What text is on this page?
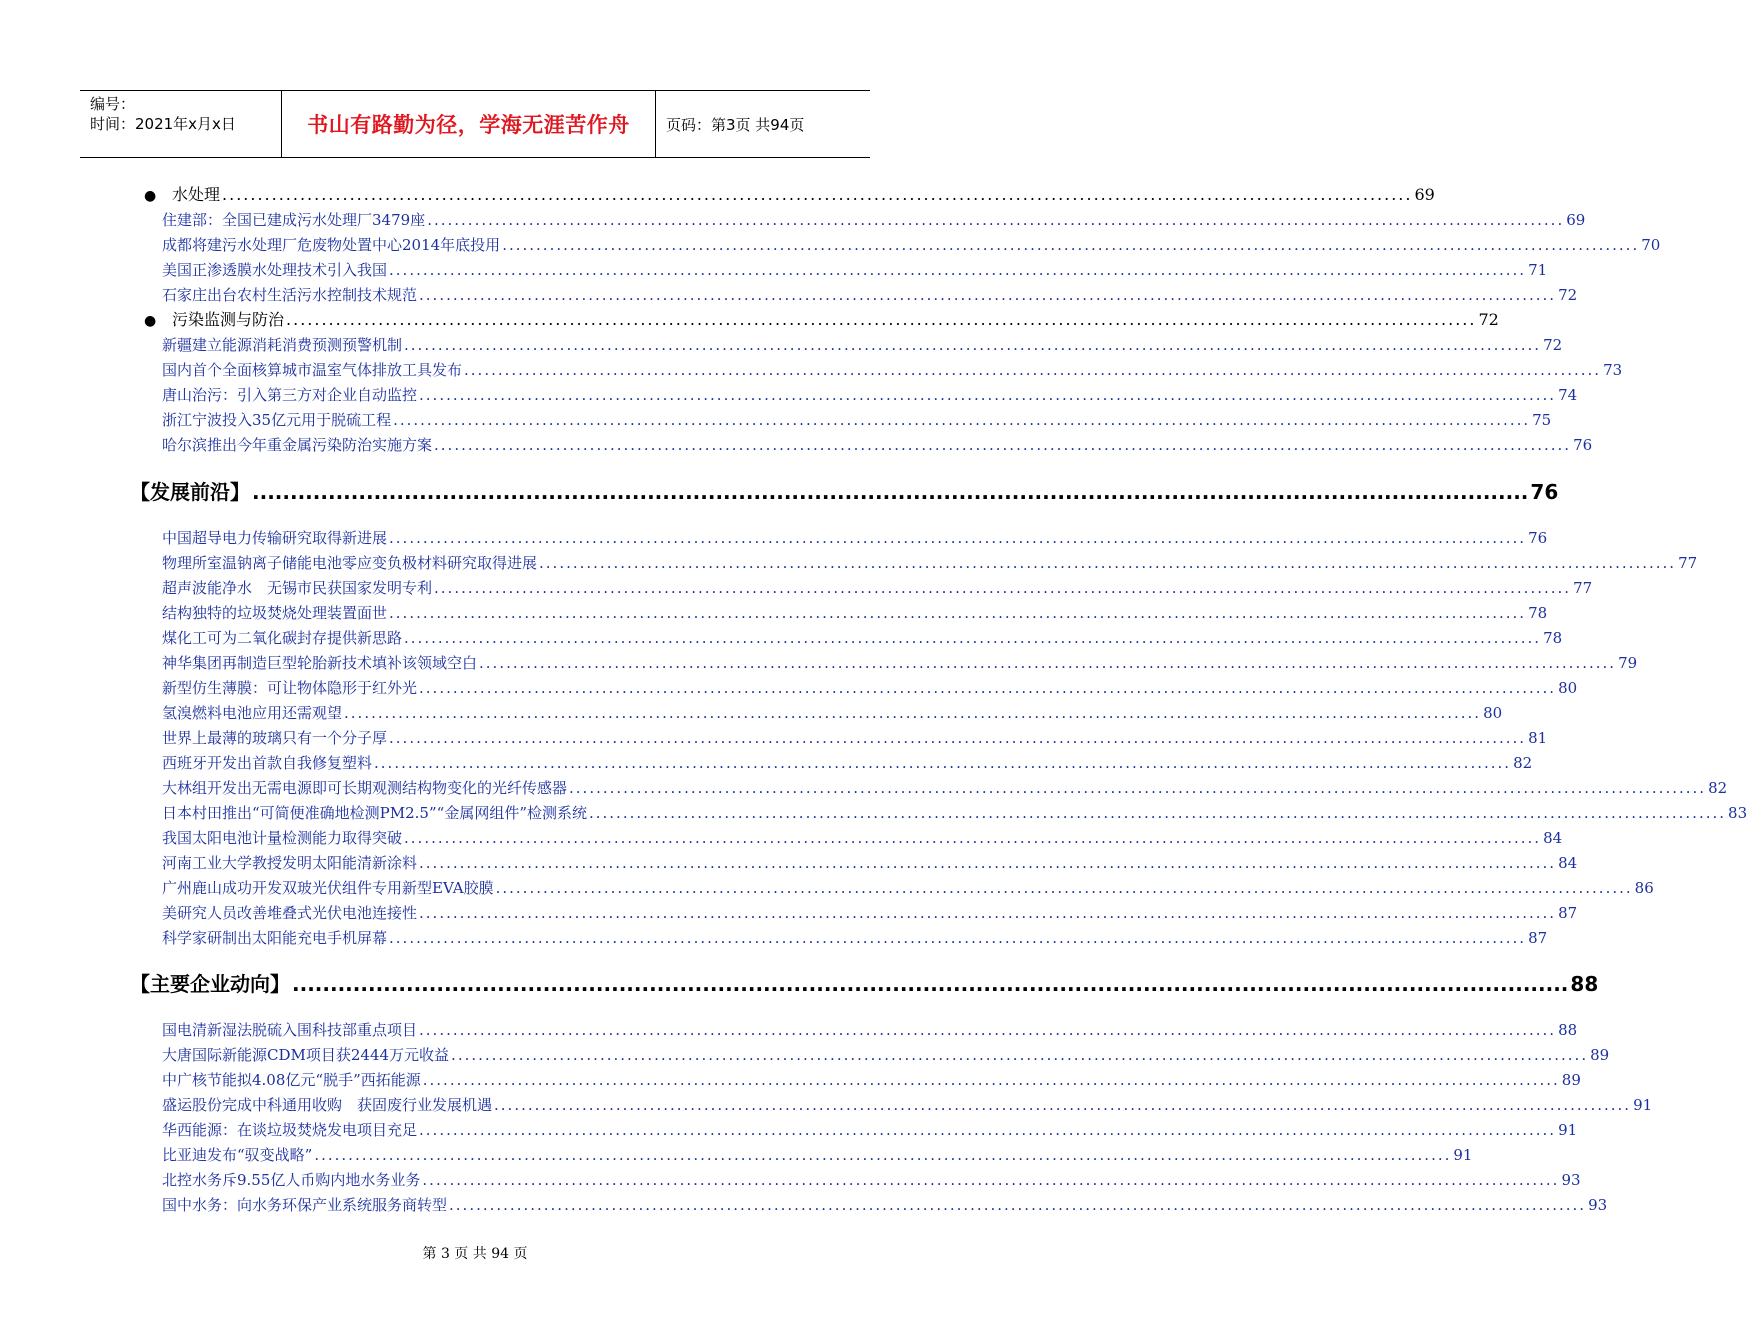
编号：
时间：2021年x月x日	书山有路勤为径，学海无涯苦作舟 页码：第3页 共94页
● 水处理 ........................................................................................................................................................................ 69
住建部：全国已建成污水处理厂3479座 ........................................................................................................................................................................ 69
成都将建污水处理厂危废物处置中心2014年底投用 ........................................................................................................................................................................ 70
美国正渗透膜水处理技术引入我国 ........................................................................................................................................................................ 71
石家庄出台农村生活污水控制技术规范 ........................................................................................................................................................................ 72
● 污染监测与防治 ........................................................................................................................................................................ 72
新疆建立能源消耗消费预测预警机制 ........................................................................................................................................................................ 72
国内首个全面核算城市温室气体排放工具发布 ........................................................................................................................................................................ 73
唐山治污：引入第三方对企业自动监控 ........................................................................................................................................................................ 74
浙江宁波投入35亿元用于脱硫工程 ........................................................................................................................................................................ 75
哈尔滨推出今年重金属污染防治实施方案 ........................................................................................................................................................................ 76
【发展前沿】 ........................................................................................................................................................................ 76
中国超导电力传输研究取得新进展 ........................................................................................................................................................................ 76
物理所室温钠离子储能电池零应变负极材料研究取得进展 ........................................................................................................................................................................ 77
超声波能净水　无锡市民获国家发明专利 ........................................................................................................................................................................ 77
结构独特的垃圾焚烧处理装置面世 ........................................................................................................................................................................ 78
煤化工可为二氧化碳封存提供新思路 ........................................................................................................................................................................ 78
神华集团再制造巨型轮胎新技术填补该领域空白 ........................................................................................................................................................................ 79
新型仿生薄膜：可让物体隐形于红外光 ........................................................................................................................................................................ 80
氢溴燃料电池应用还需观望 ........................................................................................................................................................................ 80
世界上最薄的玻璃只有一个分子厚 ........................................................................................................................................................................ 81
西班牙开发出首款自我修复塑料 ........................................................................................................................................................................ 82
大林组开发出无需电源即可长期观测结构物变化的光纤传感器 ........................................................................................................................................................................ 82
日本村田推出“可简便准确地检测PM2.5”“金属网组件”检测系统 ........................................................................................................................................................................ 83
我国太阳电池计量检测能力取得突破 ........................................................................................................................................................................ 84
河南工业大学教授发明太阳能清新涂料 ........................................................................................................................................................................ 84
广州鹿山成功开发双玻光伏组件专用新型EVA胶膜 ........................................................................................................................................................................ 86
美研究人员改善堆叠式光伏电池连接性 ........................................................................................................................................................................ 87
科学家研制出太阳能充电手机屏幕 ........................................................................................................................................................................ 87
【主要企业动向】 ........................................................................................................................................................................ 88
国电清新湿法脱硫入围科技部重点项目 ........................................................................................................................................................................ 88
大唐国际新能源CDM项目获2444万元收益 ........................................................................................................................................................................ 89
中广核节能拟4.08亿元“脱手”西拓能源 ........................................................................................................................................................................ 89
盛运股份完成中科通用收购　获固废行业发展机遇 ........................................................................................................................................................................ 91
华西能源：在谈垃圾焚烧发电项目充足 ........................................................................................................................................................................ 91
比亚迪发布“驭变战略” ........................................................................................................................................................................ 91
北控水务斥9.55亿人币购内地水务业务 ........................................................................................................................................................................ 93
国中水务：向水务环保产业系统服务商转型 ........................................................................................................................................................................ 93
第 3 页 共 94 页
